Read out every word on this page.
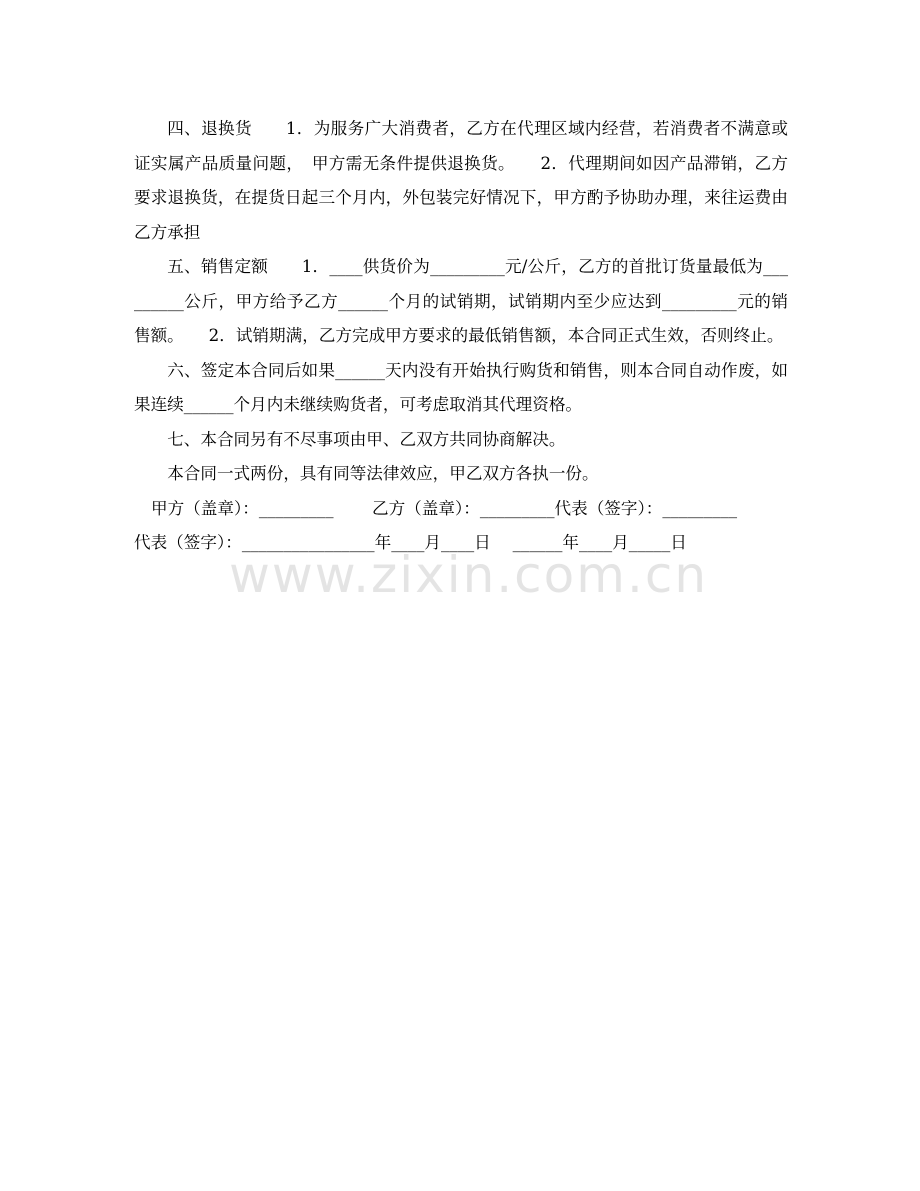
四、退换货　　1．为服务广大消费者，乙方在代理区域内经营，若消费者不满意或证实属产品质量问题，　甲方需无条件提供退换货。　　2．代理期间如因产品滞销，乙方要求退换货，在提货日起三个月内，外包装完好情况下，甲方酌予协助办理，来往运费由乙方承担

五、销售定额　　1．____供货价为_________元/公斤，乙方的首批订货量最低为_________公斤，甲方给予乙方______个月的试销期，试销期内至少应达到_________元的销售额。　　2．试销期满，乙方完成甲方要求的最低销售额，本合同正式生效，否则终止。

六、签定本合同后如果______天内没有开始执行购货和销售，则本合同自动作废，如果连续______个月内未继续购货者，可考虑取消其代理资格。

七、本合同另有不尽事项由甲、乙双方共同协商解决。

本合同一式两份，具有同等法律效应，甲乙双方各执一份。

甲方（盖章）：_________　　 乙方（盖章）：_________代表（签字）：_________

代表（签字）：________________年____月____日　 ______年____月_____日

www.zixin.com.cn
